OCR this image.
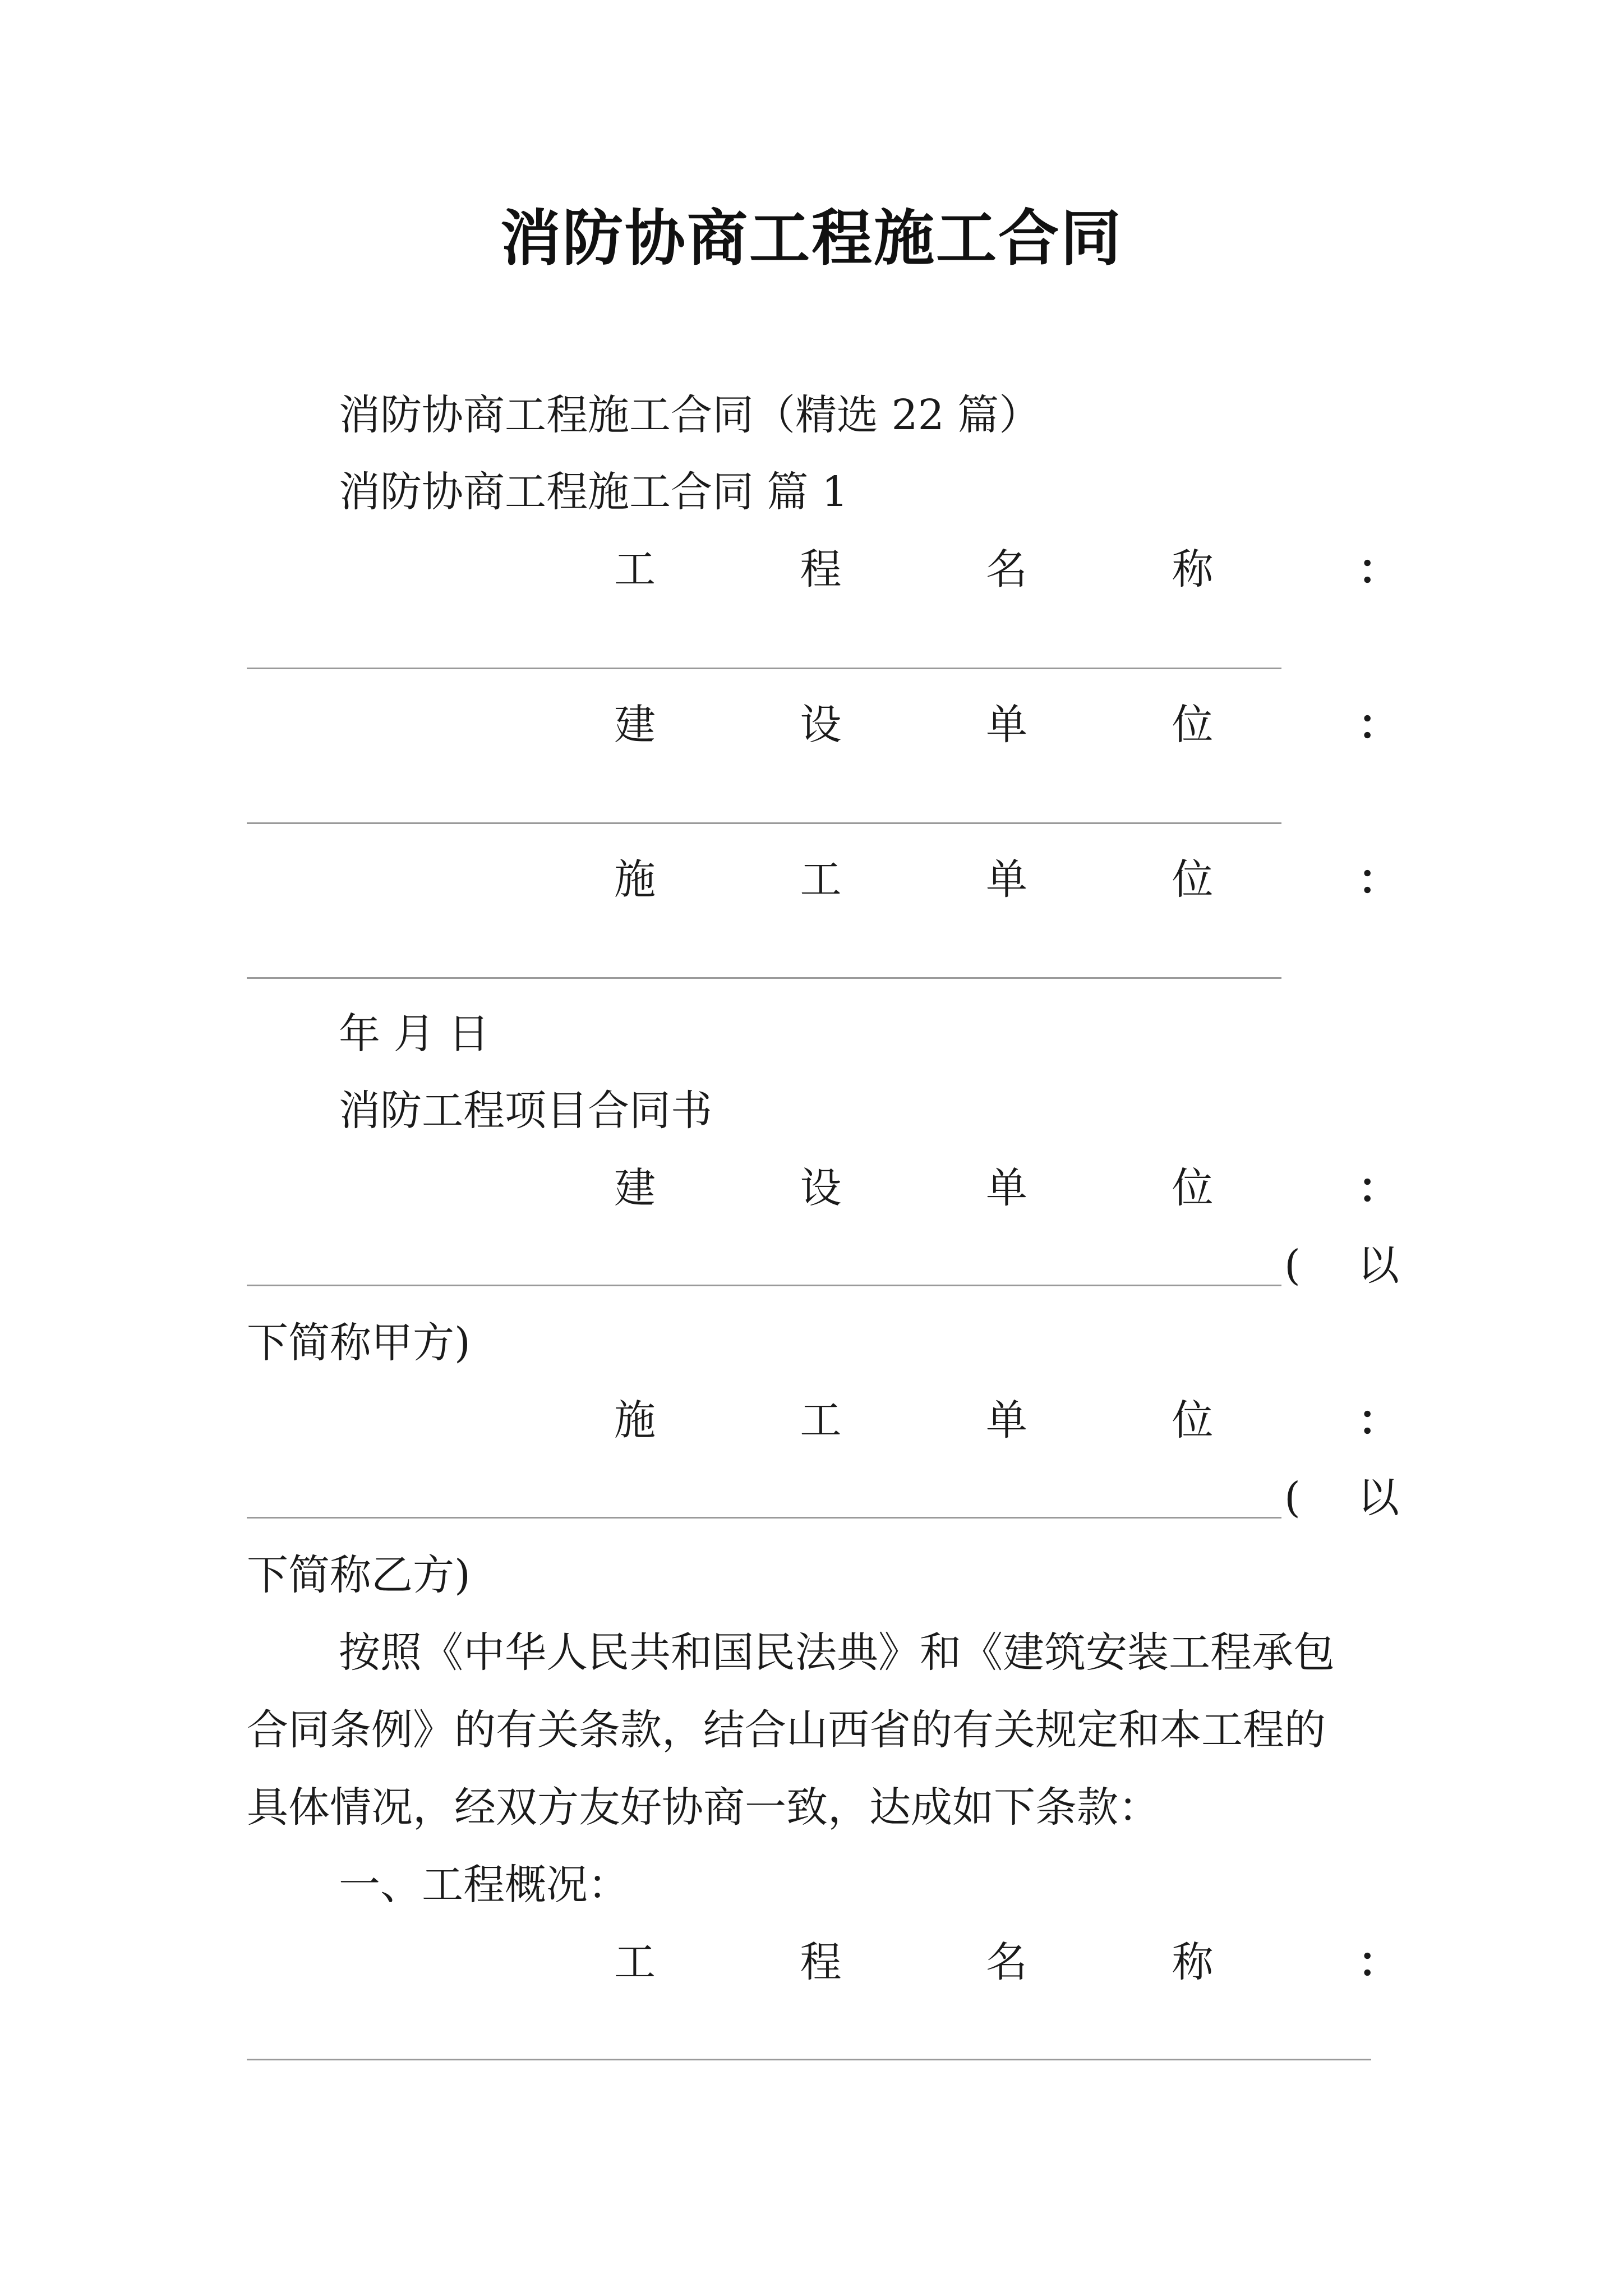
消防协商工程施工合同
消防协商工程施工合同（精选 22 篇）
消防协商工程施工合同 篇 1
工	程	名	称	：
建	设	单	位	：
施	工	单	位	：
年 月 日
消防工程项目合同书
建	设	单	位	：
( 以
下简称甲方)
施	工	单	位	：
( 以
下简称乙方)
按照《中华人民共和国民法典》和《建筑安装工程承包
合同条例》的有关条款，结合山西省的有关规定和本工程的
具体情况，经双方友好协商一致，达成如下条款：
一、工程概况：
工	程	名	称	：
